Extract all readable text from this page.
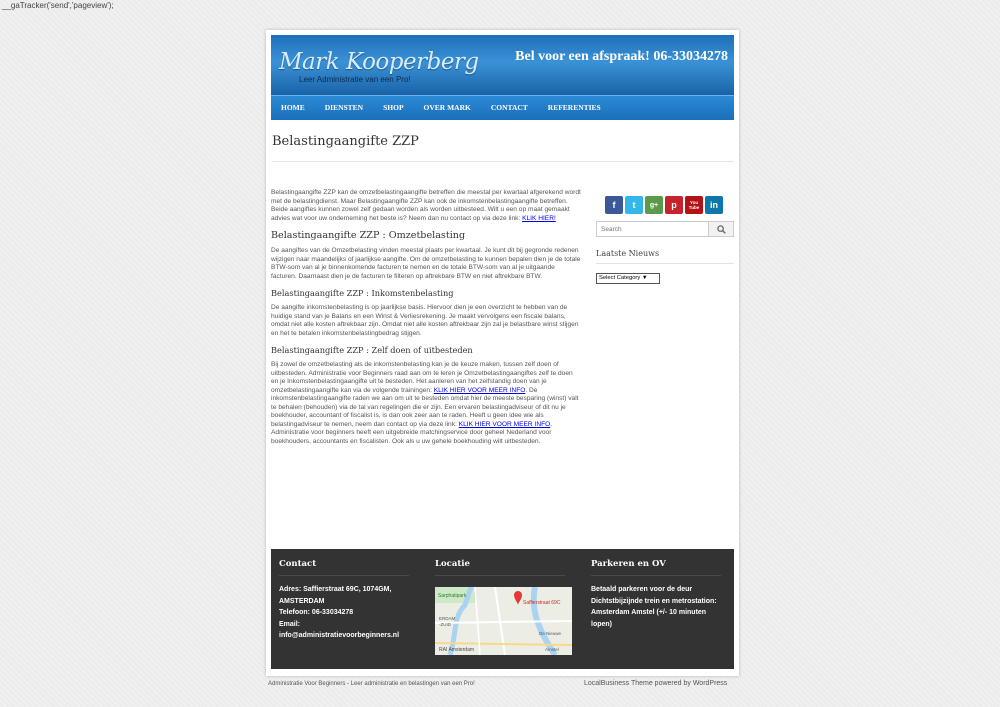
__gaTracker('send','pageview');
Mark Kooperberg
Leer Administratie van een Pro!
Bel voor een afspraak! 06-33034278
HOME	DIENSTEN	SHOP	OVER MARK	CONTACT	REFERENTIES
Belastingaangifte ZZP

Belastingaangifte ZZP kan de omzetbelastingaangifte betreffen die meestal per kwartaal afgerekend wordt met de belastingdienst. Maar Belastingaangifte ZZP kan ook de inkomstenbelastingaangifte betreffen. Beide aangiftes kunnen zowel zelf gedaan worden als worden uitbesteed. Wilt u een op maat gemaakt advies wat voor uw onderneming het beste is? Neem dan nu contact op via deze link: KLIK HIER!

Belastingaangifte ZZP : Omzetbelasting

De aangiftes van de Omzetbelasting vinden meestal plaats per kwartaal. Je kunt dit bij gegronde redenen wijzigen naar maandelijks of jaarlijkse aangifte. Om de omzetbelasting te kunnen bepalen dien je de totale BTW-som van al je binnenkomende facturen te nemen en de totale BTW-som van al je uitgaande facturen. Daarnaast dien je de facturen te filteren op aftrekbare BTW en niet aftrekbare BTW.

Belastingaangifte ZZP : Inkomstenbelasting

De aangifte inkomstenbelasting is op jaarlijkse basis. Hiervoor dien je een overzicht te hebben van de huidige stand van je Balans en een Winst & Verliesrekening. Je maakt vervolgens een fiscale balans, omdat niet alle kosten aftrekbaar zijn. Omdat niet alle kosten aftrekbaar zijn zal je belastbare winst stijgen en het te betalen inkomstenbelastingbedrag stijgen.

Belastingaangifte ZZP : Zelf doen of uitbesteden

Bij zowel de omzetbelasting als de inkomstenbelasting kan je de keuze maken, tussen zelf doen of uitbesteden. Administratie voor Beginners raad aan om te leren je Omzetbelastingaangiftes zelf te doen en je Inkomstenbelastingaangifte uit te besteden. Het aanleren van het zelfstandig doen van je omzetbelastingaangifte kan via de volgende trainingen: KLIK HIER VOOR MEER INFO. De inkomstenbelastingaangifte raden we aan om uit te besteden omdat hier de meeste besparing (winst) valt te behalen (behouden) via de tal van regelingen die er zijn. Een ervaren belastingadviseur of dit nu je boekhouder, accountant of fiscalist is, is dan ook zeer aan te raden. Heeft u geen idee wie als belastingadviseur te nemen, neem dan contact op via deze link: KLIK HIER VOOR MEER INFO. Administratie voor beginners heeft een uitgebreide matchingservice door geheel Nederland voor boekhouders, accountants en fiscalisten. Ook als u uw gehele boekhouding wilt uitbesteden.

f	t	g+	p	You Tube	in
Search
Laatste Nieuws
Select Category ▼
Contact
Adres: Saffierstraat 69C, 1074GM,
AMSTERDAM
Telefoon: 06-33034278
Email:
info@administratievoorbeginners.nl
Locatie
Sarphatipark
Saffierstraat 69C
ERDAM
-ZUID
RAI Amsterdam
De Nieuwe
Amstel
Parkeren en OV
Betaald parkeren voor de deur
Dichtstbijzijnde trein en metrostation:
Amsterdam Amstel (+/- 10 minuten
lopen)
Administratie Voor Beginners - Leer administratie en belastingen van een Pro!	LocalBusiness Theme powered by WordPress
